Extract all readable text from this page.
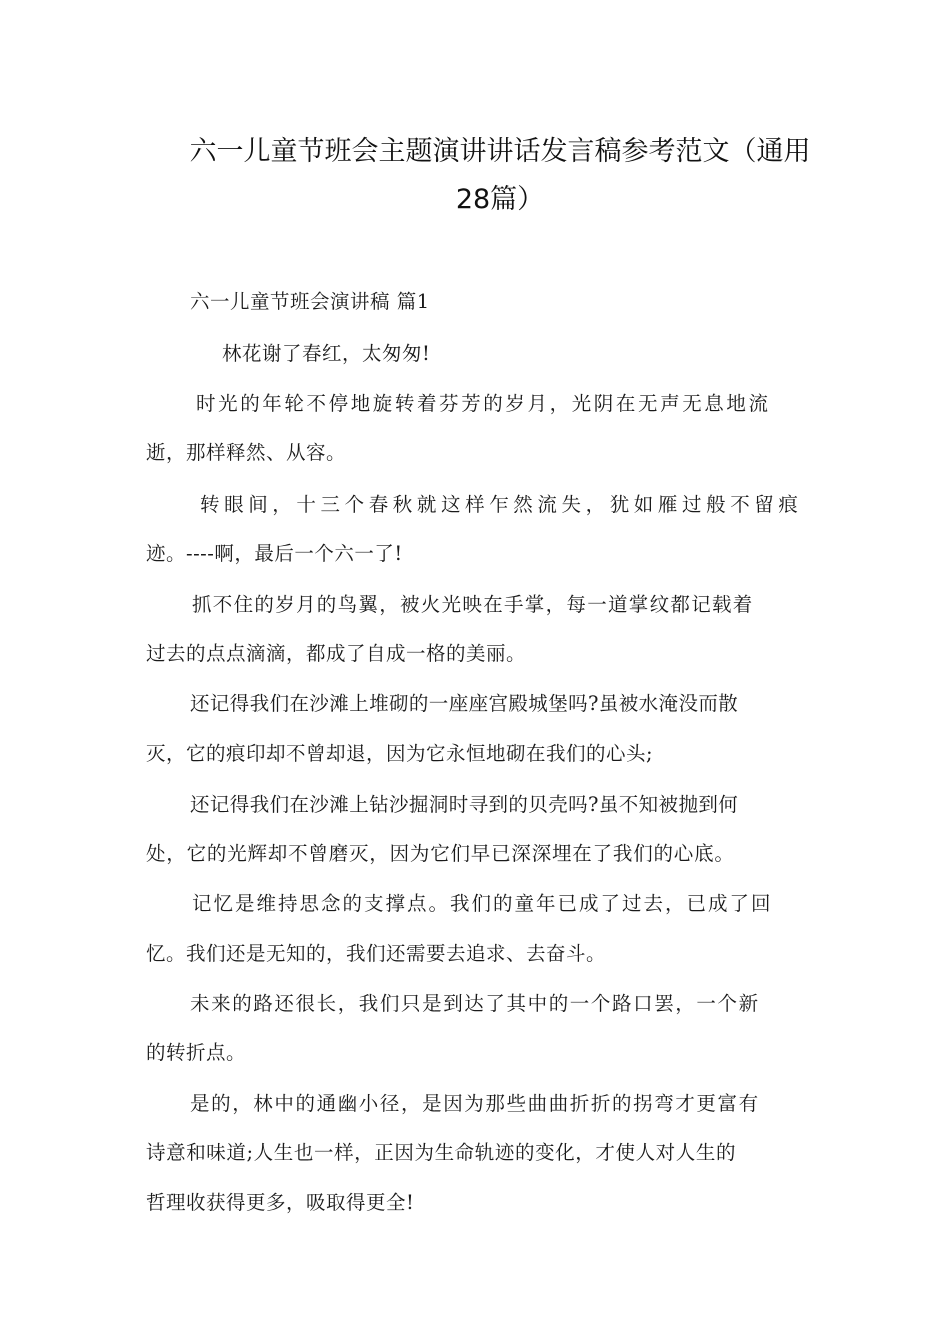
六一儿童节班会主题演讲讲话发言稿参考范文（通用
28篇）
六一儿童节班会演讲稿 篇1
林花谢了春红，太匆匆!
时光的年轮不停地旋转着芬芳的岁月，光阴在无声无息地流
逝，那样释然、从容。
转眼间，十三个春秋就这样乍然流失，犹如雁过般不留痕
迹。----啊，最后一个六一了!
抓不住的岁月的鸟翼，被火光映在手掌，每一道掌纹都记载着
过去的点点滴滴，都成了自成一格的美丽。
还记得我们在沙滩上堆砌的一座座宫殿城堡吗?虽被水淹没而散
灭，它的痕印却不曾却退，因为它永恒地砌在我们的心头;
还记得我们在沙滩上钻沙掘洞时寻到的贝壳吗?虽不知被抛到何
处，它的光辉却不曾磨灭，因为它们早已深深埋在了我们的心底。
记忆是维持思念的支撑点。我们的童年已成了过去，已成了回
忆。我们还是无知的，我们还需要去追求、去奋斗。
未来的路还很长，我们只是到达了其中的一个路口罢，一个新
的转折点。
是的，林中的通幽小径，是因为那些曲曲折折的拐弯才更富有
诗意和味道;人生也一样，正因为生命轨迹的变化，才使人对人生的
哲理收获得更多，吸取得更全!
